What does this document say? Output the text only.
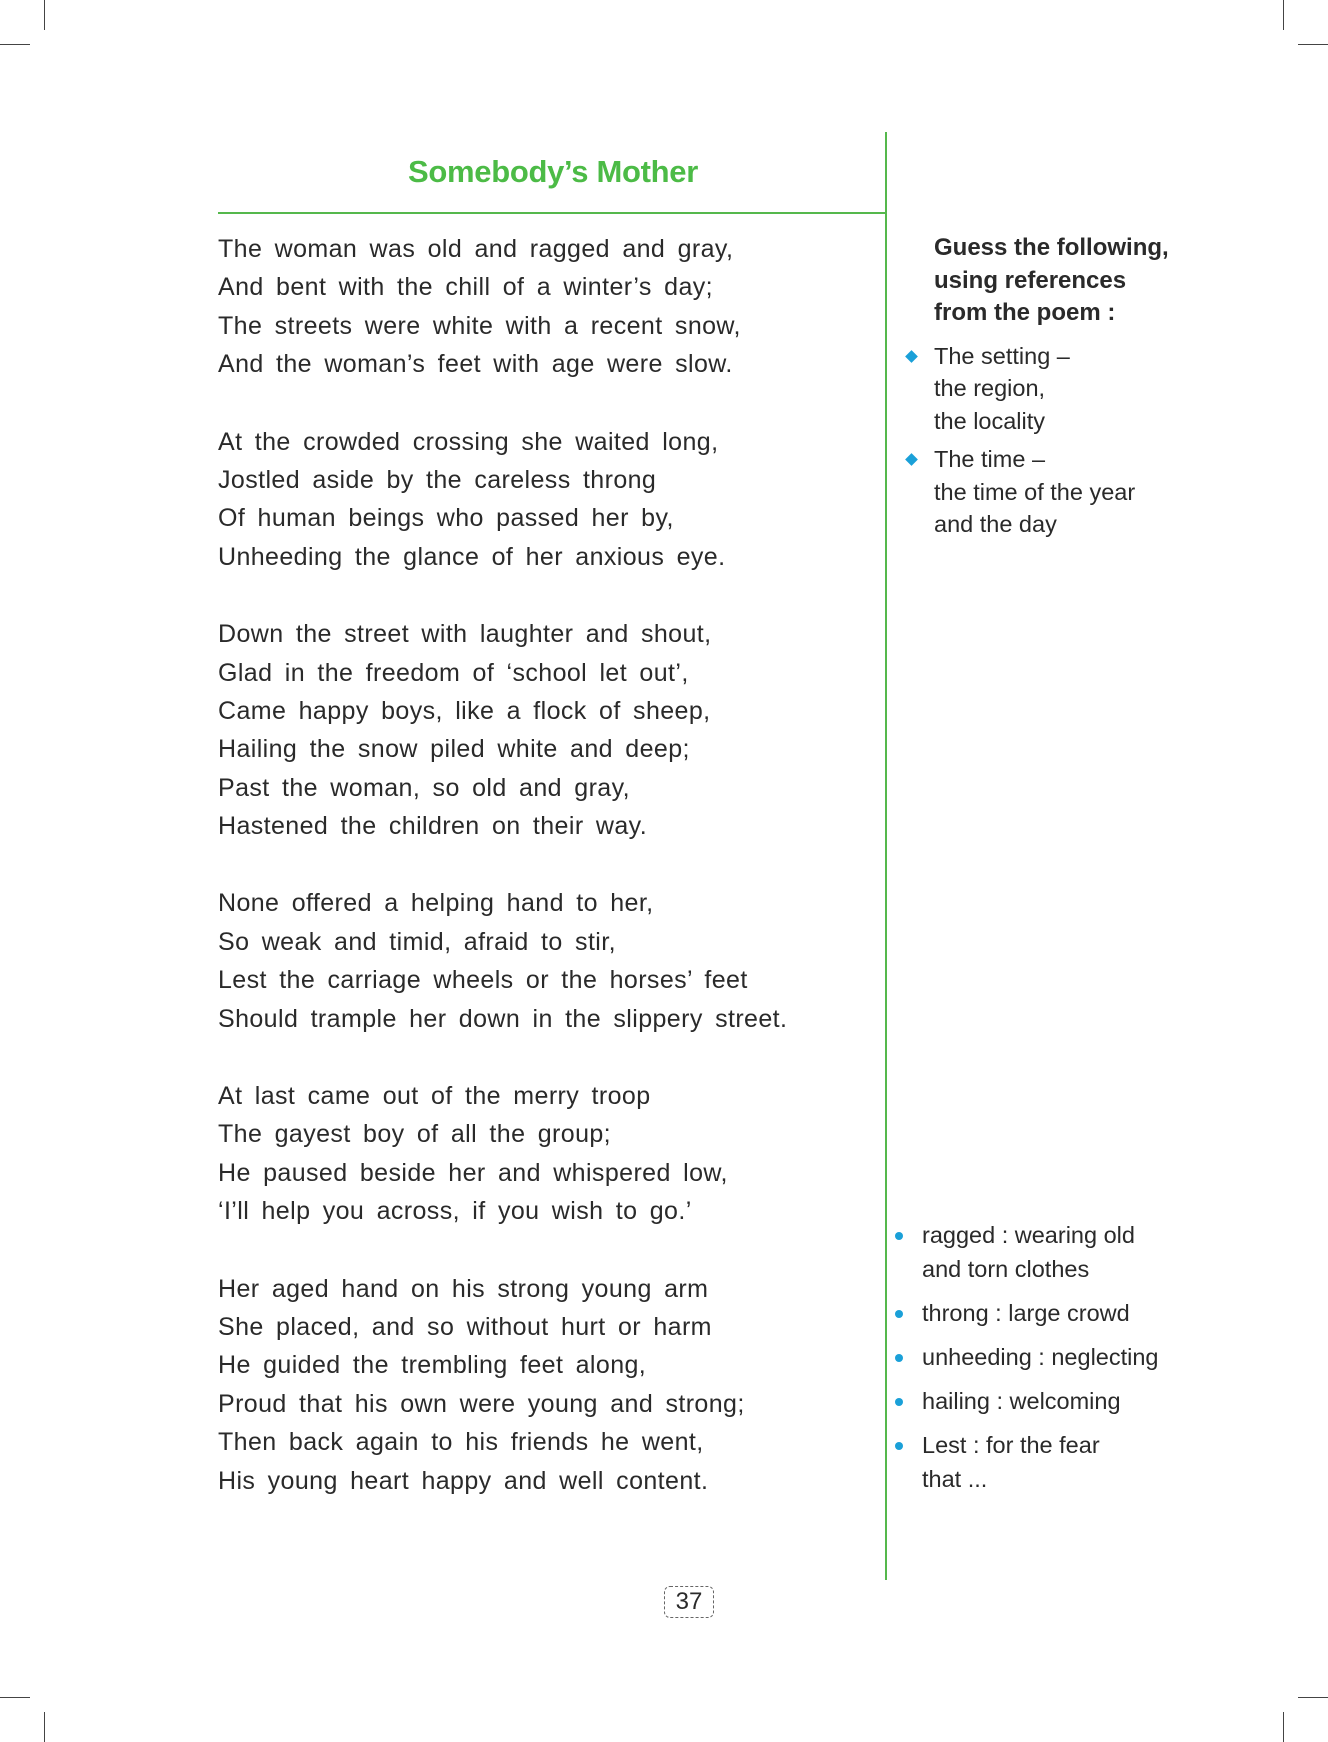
Somebody’s Mother
The woman was old and ragged and gray,
And bent with the chill of a winter’s day;
The streets were white with a recent snow,
And the woman’s feet with age were slow.
At the crowded crossing she waited long,
Jostled aside by the careless throng
Of human beings who passed her by,
Unheeding the glance of her anxious eye.
Down the street with laughter and shout,
Glad in the freedom of ‘school let out’,
Came happy boys, like a flock of sheep,
Hailing the snow piled white and deep;
Past the woman, so old and gray,
Hastened the children on their way.
None offered a helping hand to her,
So weak and timid, afraid to stir,
Lest the carriage wheels or the horses’ feet
Should trample her down in the slippery street.
At last came out of the merry troop
The gayest boy of all the group;
He paused beside her and whispered low,
‘I’ll help you across, if you wish to go.’
Her aged hand on his strong young arm
She placed, and so without hurt or harm
He guided the trembling feet along,
Proud that his own were young and strong;
Then back again to his friends he went,
His young heart happy and well content.
Guess the following,
using references
from the poem :
The setting –
the region,
the locality
The time –
the time of the year
and the day
ragged : wearing old
and torn clothes
throng : large crowd
unheeding : neglecting
hailing : welcoming
Lest : for the fear
that ...
37
